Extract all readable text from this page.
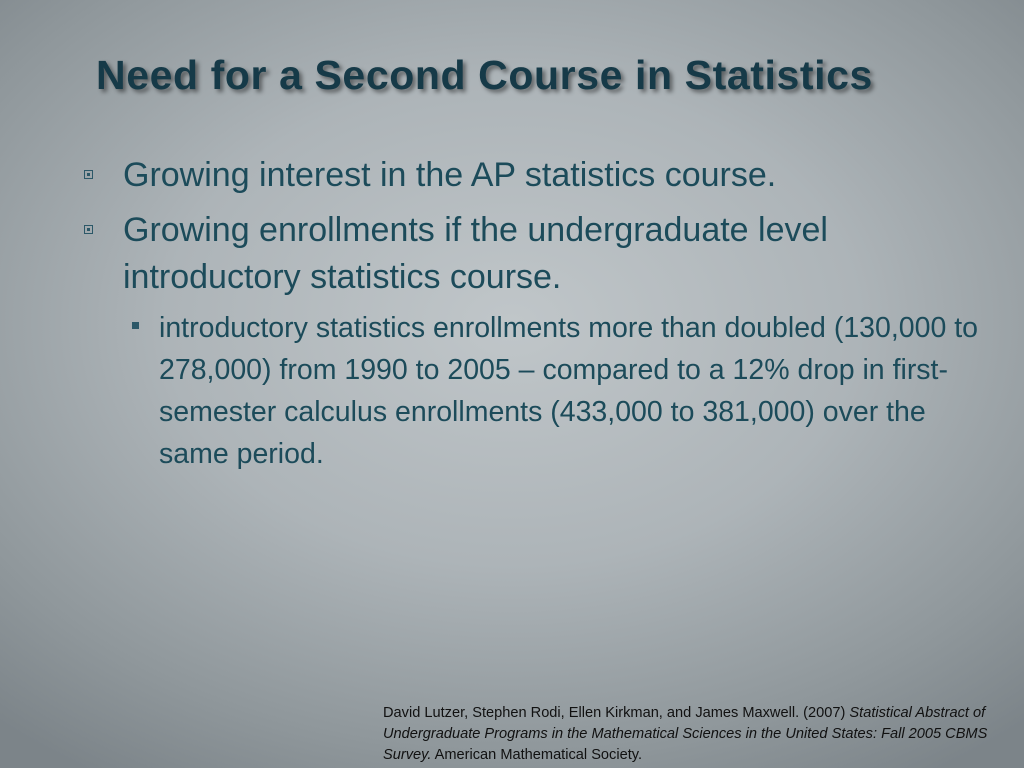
Need for a Second Course in Statistics
Growing interest in the AP statistics course.
Growing enrollments if the undergraduate level introductory statistics course.
introductory statistics enrollments more than doubled (130,000 to 278,000) from 1990 to 2005 – compared to a 12% drop in first-semester calculus enrollments (433,000 to 381,000) over the same period.

David Lutzer, Stephen Rodi, Ellen Kirkman, and James Maxwell. (2007) Statistical Abstract of Undergraduate Programs in the Mathematical Sciences in the United States: Fall 2005 CBMS Survey. American Mathematical Society.
